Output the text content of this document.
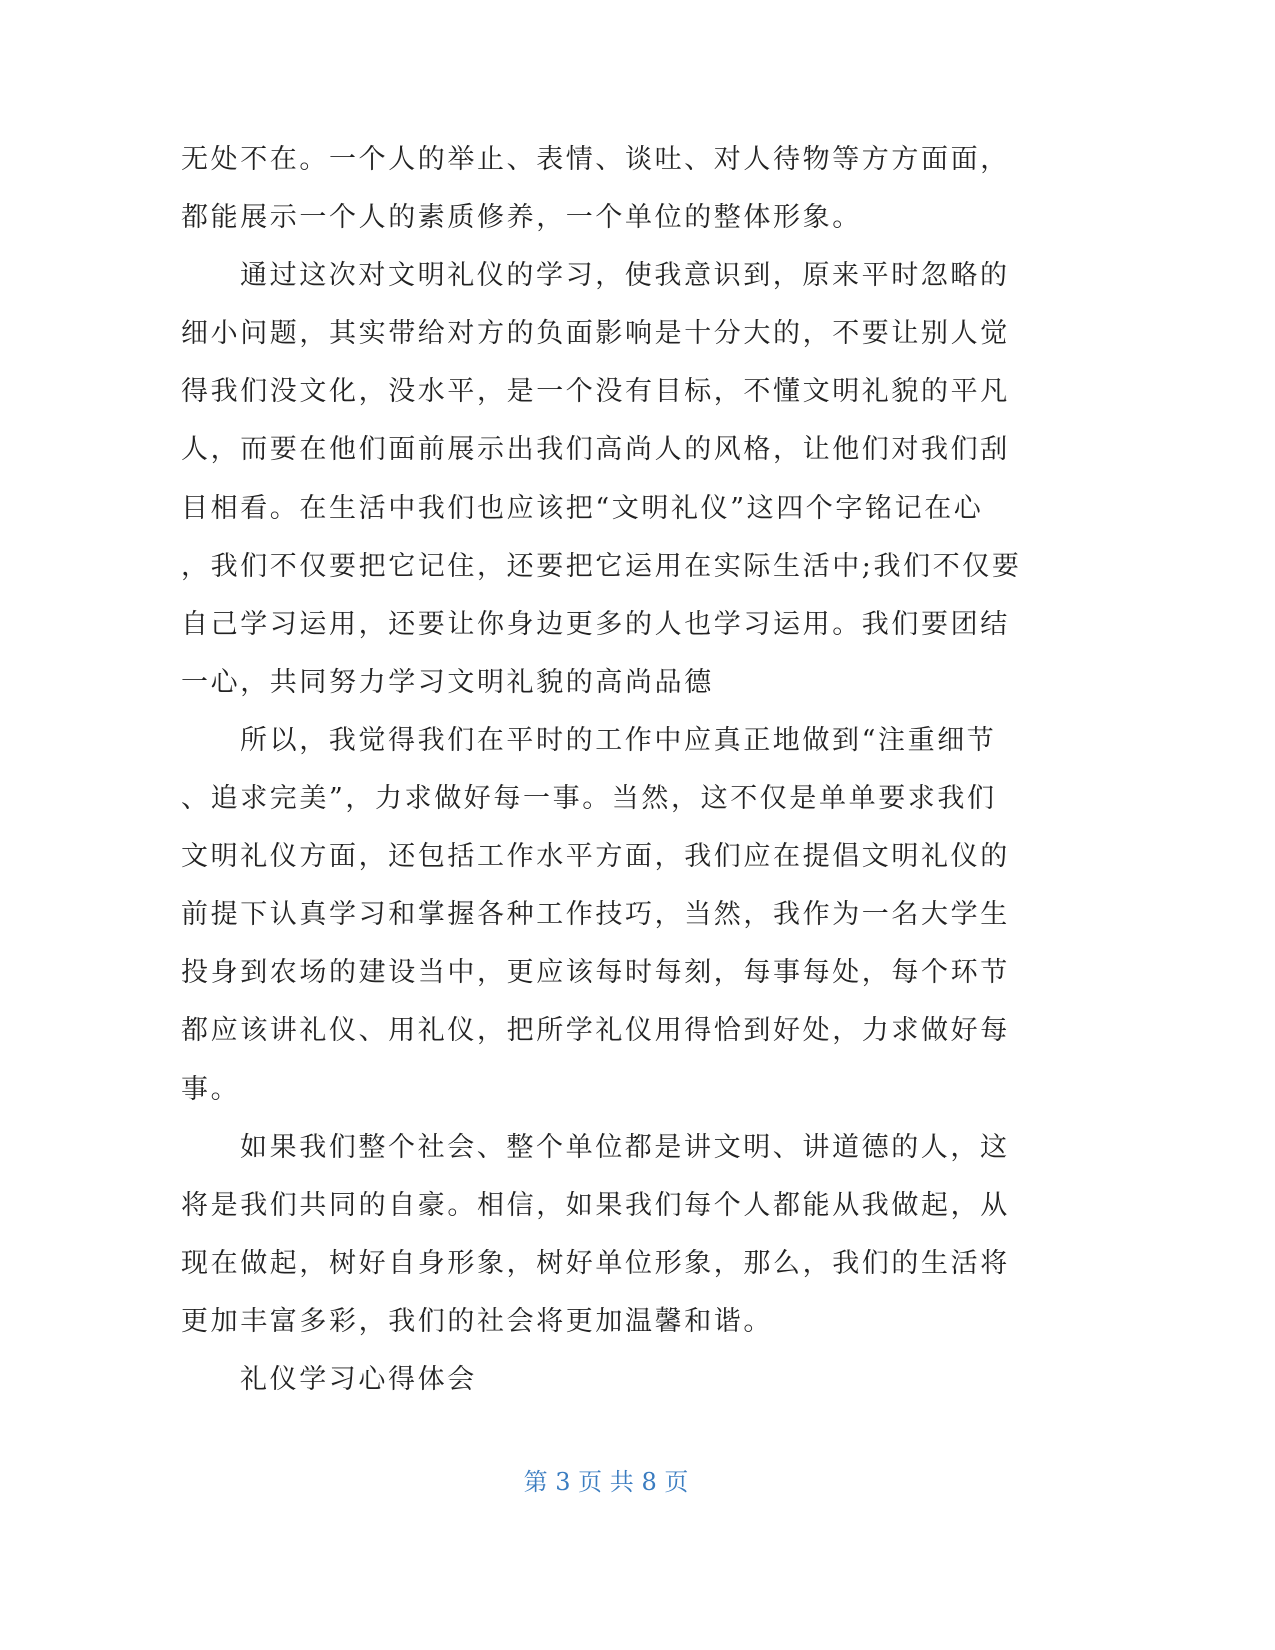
无处不在。一个人的举止、表情、谈吐、对人待物等方方面面，
都能展示一个人的素质修养，一个单位的整体形象。
通过这次对文明礼仪的学习，使我意识到，原来平时忽略的
细小问题，其实带给对方的负面影响是十分大的，不要让别人觉
得我们没文化，没水平，是一个没有目标，不懂文明礼貌的平凡
人，而要在他们面前展示出我们高尚人的风格，让他们对我们刮
目相看。在生活中我们也应该把“文明礼仪”这四个字铭记在心
，我们不仅要把它记住，还要把它运用在实际生活中;我们不仅要
自己学习运用，还要让你身边更多的人也学习运用。我们要团结
一心，共同努力学习文明礼貌的高尚品德
所以，我觉得我们在平时的工作中应真正地做到“注重细节
、追求完美”，力求做好每一事。当然，这不仅是单单要求我们
文明礼仪方面，还包括工作水平方面，我们应在提倡文明礼仪的
前提下认真学习和掌握各种工作技巧，当然，我作为一名大学生
投身到农场的建设当中，更应该每时每刻，每事每处，每个环节
都应该讲礼仪、用礼仪，把所学礼仪用得恰到好处，力求做好每
事。
如果我们整个社会、整个单位都是讲文明、讲道德的人，这
将是我们共同的自豪。相信，如果我们每个人都能从我做起，从
现在做起，树好自身形象，树好单位形象，那么，我们的生活将
更加丰富多彩，我们的社会将更加温馨和谐。
礼仪学习心得体会
第 3 页 共 8 页
